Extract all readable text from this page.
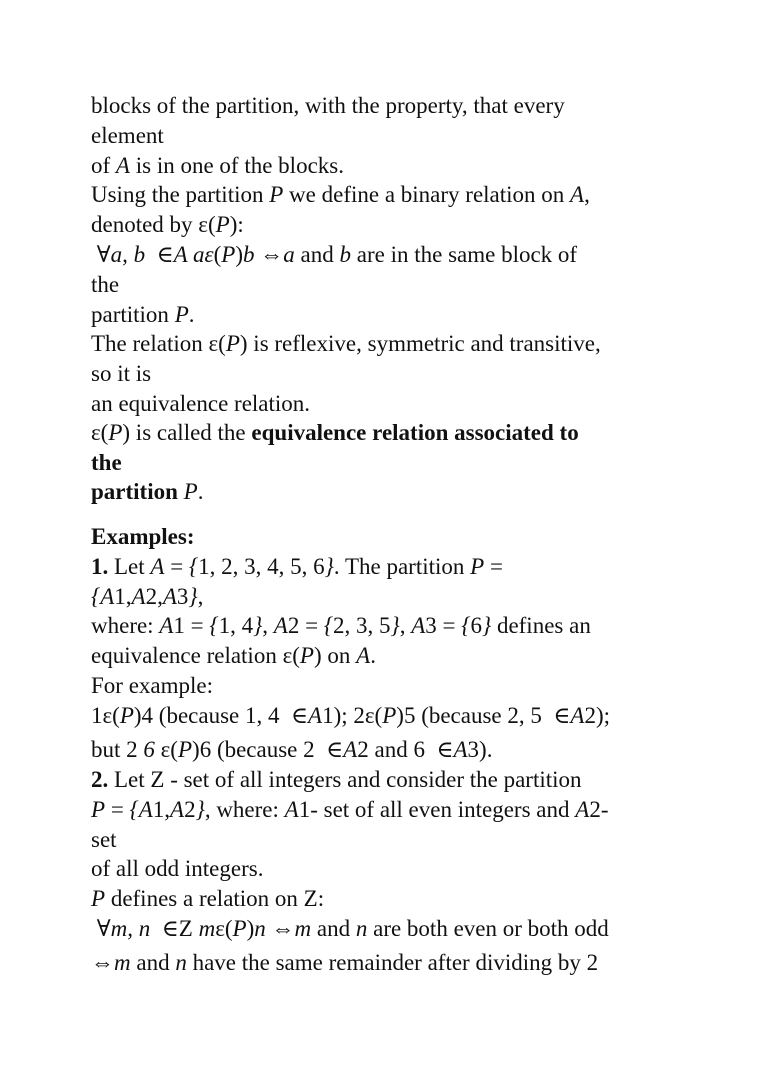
blocks of the partition, with the property, that every
element
of A is in one of the blocks.
Using the partition P we define a binary relation on A,
denoted by ε(P):
∀a, b  ∈A aε(P)b ⇔a and b are in the same block of
the
partition P.
The relation ε(P) is reflexive, symmetric and transitive,
so it is
an equivalence relation.
ε(P) is called the equivalence relation associated to
the
partition P.
Examples:
1. Let A = {1, 2, 3, 4, 5, 6}. The partition P =
{A1,A2,A3},
where: A1 = {1, 4}, A2 = {2, 3, 5}, A3 = {6} defines an
equivalence relation ε(P) on A.
For example:
1ε(P)4 (because 1, 4  ∈A1); 2ε(P)5 (because 2, 5  ∈A2);
but 2 6 ε(P)6 (because 2  ∈A2 and 6  ∈A3).
2. Let Z - set of all integers and consider the partition
P = {A1,A2}, where: A1- set of all even integers and A2-
set
of all odd integers.
P defines a relation on Z:
∀m, n  ∈Z mε(P)n ⇔m and n are both even or both odd
⇔m and n have the same remainder after dividing by 2
